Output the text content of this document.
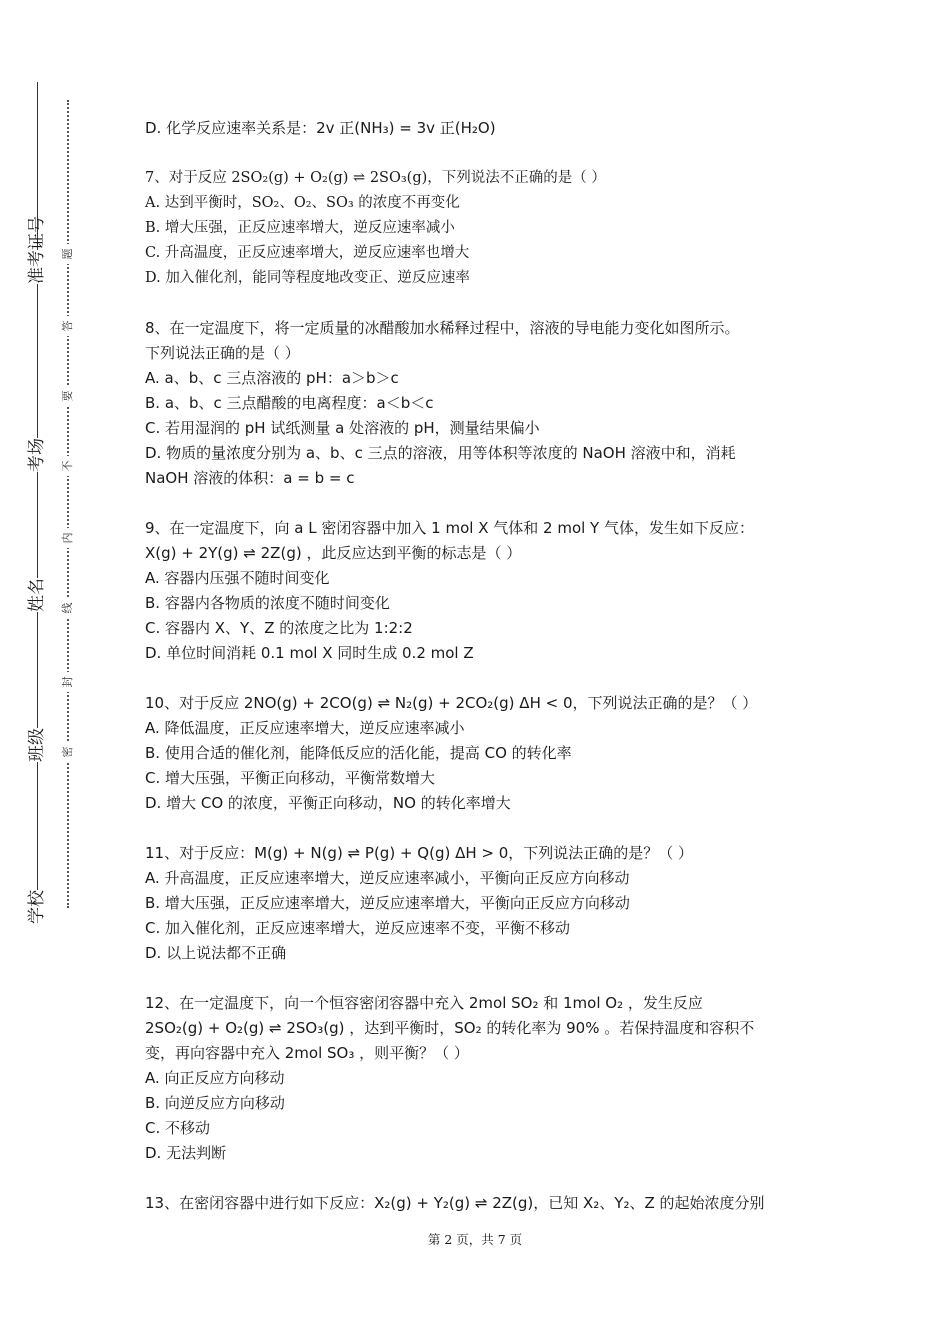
准考证号
考场
姓名
班级
学校
题
答
要
不
内
线
封
密

D. 化学反应速率关系是：2v 正(NH₃) = 3v 正(H₂O)

7、对于反应 2SO₂(g) + O₂(g) ⇌ 2SO₃(g)，下列说法不正确的是（ ）

A. 达到平衡时，SO₂、O₂、SO₃ 的浓度不再变化

B. 增大压强，正反应速率增大，逆反应速率减小

C. 升高温度，正反应速率增大，逆反应速率也增大

D. 加入催化剂，能同等程度地改变正、逆反应速率

8、在一定温度下，将一定质量的冰醋酸加水稀释过程中，溶液的导电能力变化如图所示。

下列说法正确的是（ ）

A. a、b、c 三点溶液的 pH：a＞b＞c

B. a、b、c 三点醋酸的电离程度：a＜b＜c

C. 若用湿润的 pH 试纸测量 a 处溶液的 pH，测量结果偏小

D. 物质的量浓度分别为 a、b、c 三点的溶液，用等体积等浓度的 NaOH 溶液中和，消耗

NaOH 溶液的体积：a = b = c

9、在一定温度下，向 a L 密闭容器中加入 1 mol X 气体和 2 mol Y 气体，发生如下反应：

X(g) + 2Y(g) ⇌ 2Z(g) ，此反应达到平衡的标志是（ ）

A. 容器内压强不随时间变化

B. 容器内各物质的浓度不随时间变化

C. 容器内 X、Y、Z 的浓度之比为 1:2:2

D. 单位时间消耗 0.1 mol X 同时生成 0.2 mol Z

10、对于反应 2NO(g) + 2CO(g) ⇌ N₂(g) + 2CO₂(g) ΔH < 0，下列说法正确的是？（ ）

A. 降低温度，正反应速率增大，逆反应速率减小

B. 使用合适的催化剂，能降低反应的活化能，提高 CO 的转化率

C. 增大压强，平衡正向移动，平衡常数增大

D. 增大 CO 的浓度，平衡正向移动，NO 的转化率增大

11、对于反应：M(g) + N(g) ⇌ P(g) + Q(g) ΔH > 0，下列说法正确的是？（ ）

A. 升高温度，正反应速率增大，逆反应速率减小，平衡向正反应方向移动

B. 增大压强，正反应速率增大，逆反应速率增大，平衡向正反应方向移动

C. 加入催化剂，正反应速率增大，逆反应速率不变，平衡不移动

D. 以上说法都不正确

12、在一定温度下，向一个恒容密闭容器中充入 2mol SO₂ 和 1mol O₂ ，发生反应

2SO₂(g) + O₂(g) ⇌ 2SO₃(g) ，达到平衡时，SO₂ 的转化率为 90% 。若保持温度和容积不

变，再向容器中充入 2mol SO₃ ，则平衡？（ ）

A. 向正反应方向移动

B. 向逆反应方向移动

C. 不移动

D. 无法判断

13、在密闭容器中进行如下反应：X₂(g) + Y₂(g) ⇌ 2Z(g)，已知 X₂、Y₂、Z 的起始浓度分别

第 2 页，共 7 页
